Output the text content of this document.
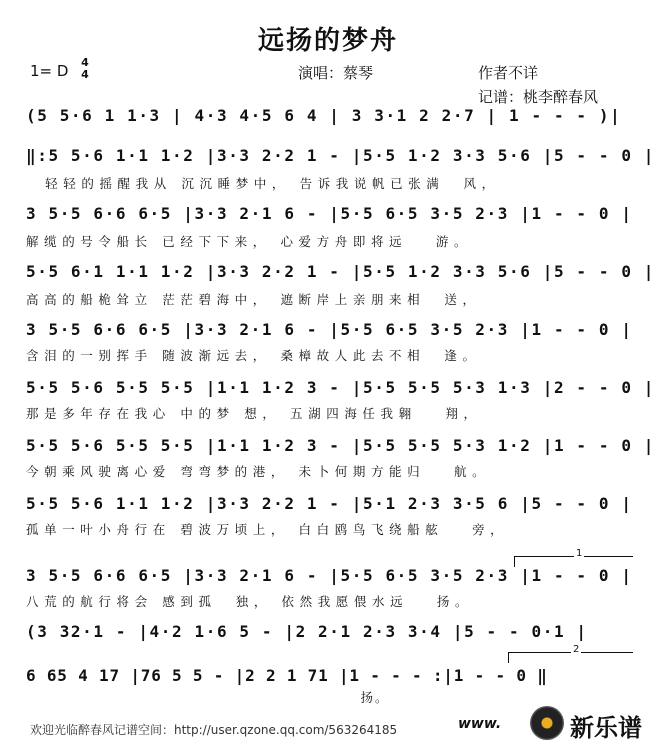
远扬的梦舟
1= D 4
4	演唱：蔡琴	作者不详
记谱：桃李醉春风
(5 5·6 1 1·3 | 4·3 4·5 6 4 | 3 3·1 2 2·7 | 1 - - - )|
‖:5 5·6 1·1 1·2 |3·3 2·2 1 - |5·5 1·2 3·3 5·6 |5 - - 0 |
轻轻的摇醒我从 沉沉睡梦中， 告诉我说帆已张满  风，
3 5·5 6·6 6·5 |3·3 2·1 6 - |5·5 6·5 3·5 2·3 |1 - - 0 |
解缆的号令船长 已经下下来， 心爱方舟即将远   游。
5·5 6·1 1·1 1·2 |3·3 2·2 1 - |5·5 1·2 3·3 5·6 |5 - - 0 |
高高的船桅耸立 茫茫碧海中， 遮断岸上亲朋来相  送，
3 5·5 6·6 6·5 |3·3 2·1 6 - |5·5 6·5 3·5 2·3 |1 - - 0 |
含泪的一别挥手 随波渐远去， 桑樟故人此去不相  逢。
5·5 5·6 5·5 5·5 |1·1 1·2 3 - |5·5 5·5 5·3 1·3 |2 - - 0 |
那是多年存在我心 中的梦 想， 五湖四海任我翱   翔，
5·5 5·6 5·5 5·5 |1·1 1·2 3 - |5·5 5·5 5·3 1·2 |1 - - 0 |
今朝乘风驶离心爱 弯弯梦的港， 未卜何期方能归   航。
5·5 5·6 1·1 1·2 |3·3 2·2 1 - |5·1 2·3 3·5 6 |5 - - 0 |
孤单一叶小舟行在 碧波万顷上， 白白鸥鸟飞绕船舷   旁，
1
3 5·5 6·6 6·5 |3·3 2·1 6 - |5·5 6·5 3·5 2·3 |1 - - 0 |
八荒的航行将会 感到孤  独， 依然我愿偎水远   扬。
(3 32·1 - |4·2 1·6 5 - |2 2·1 2·3 3·4 |5 - - 0·1 |
2
6 65 4 17 |76 5 5 - |2 2 1 71 |1 - - - :|1 - - 0 ‖
扬。
欢迎光临醉春风记谱空间：http://user.qzone.qq.com/563264185	www.	新乐谱
